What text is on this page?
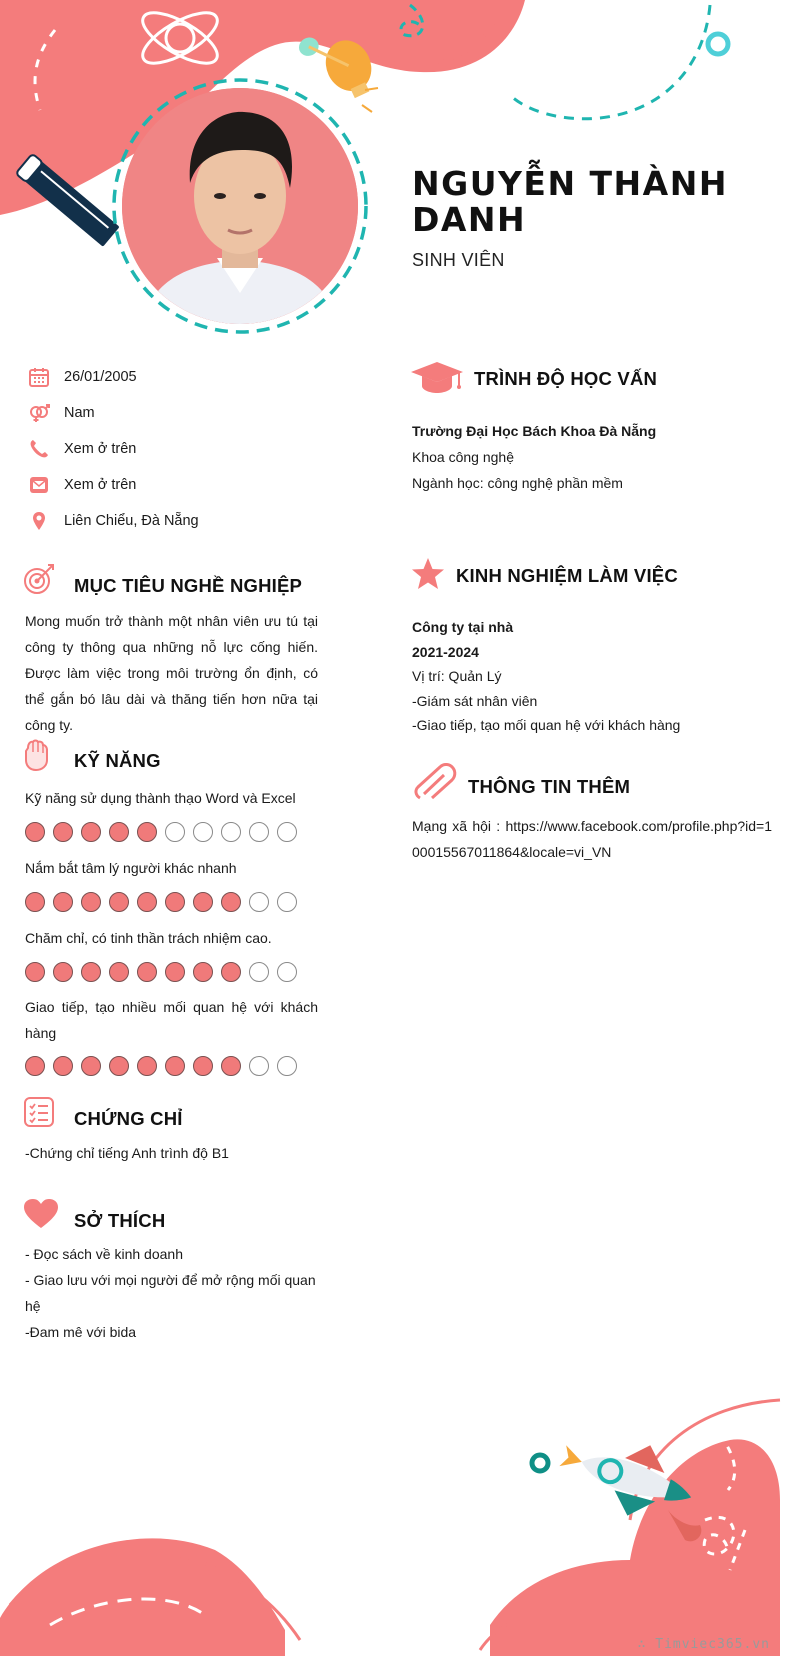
NGUYỄN THÀNH DANH
SINH VIÊN
26/01/2005
Nam
Xem ở trên
Xem ở trên
Liên Chiểu, Đà Nẵng
MỤC TIÊU NGHỀ NGHIỆP
Mong muốn trở thành một nhân viên ưu tú tại công ty thông qua những nỗ lực cống hiến. Được làm việc trong môi trường ổn định, có thể gắn bó lâu dài và thăng tiến hơn nữa tại công ty.
KỸ NĂNG
Kỹ năng sử dụng thành thạo Word và Excel
Nắm bắt tâm lý người khác nhanh
Chăm chỉ, có tinh thần trách nhiệm cao.
Giao tiếp, tạo nhiều mối quan hệ với khách hàng
CHỨNG CHỈ
-Chứng chỉ tiếng Anh trình độ B1
SỞ THÍCH
- Đọc sách về kinh doanh
- Giao lưu với mọi người để mở rộng mối quan hệ
-Đam mê với bida
TRÌNH ĐỘ HỌC VẤN
Trường Đại Học Bách Khoa Đà Nẵng
Khoa công nghệ
Ngành học: công nghệ phần mềm
KINH NGHIỆM LÀM VIỆC
Công ty tại nhà
2021-2024
Vị trí: Quản Lý
-Giám sát nhân viên
-Giao tiếp, tạo mối quan hệ với khách hàng
THÔNG TIN THÊM
Mạng xã hội : https://www.facebook.com/profile.php?id=100015567011864&locale=vi_VN
∴ Timviec365.vn
